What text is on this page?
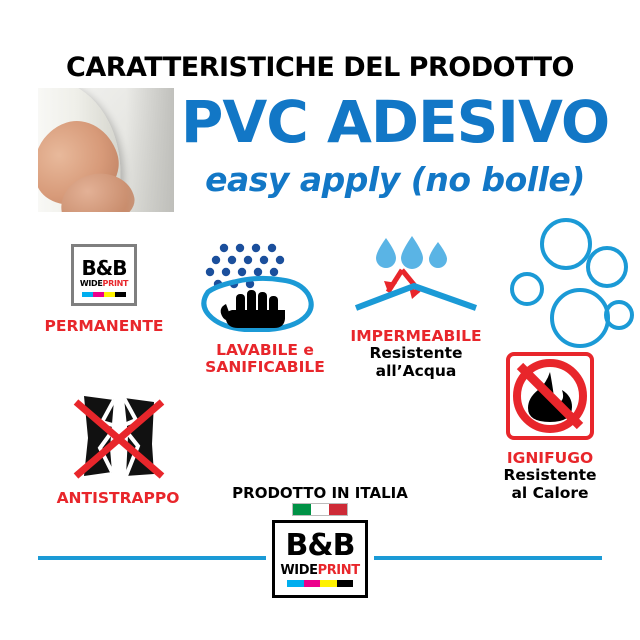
CARATTERISTICHE DEL PRODOTTO
PVC ADESIVO
easy apply (no bolle)
B&B
WIDEPRINT
PERMANENTE
LAVABILE e
SANIFICABILE
IMPERMEABILE
Resistente
all’Acqua
IGNIFUGO
Resistente
al Calore
ANTISTRAPPO	PRODOTTO IN ITALIA
B&B
WIDEPRINT
